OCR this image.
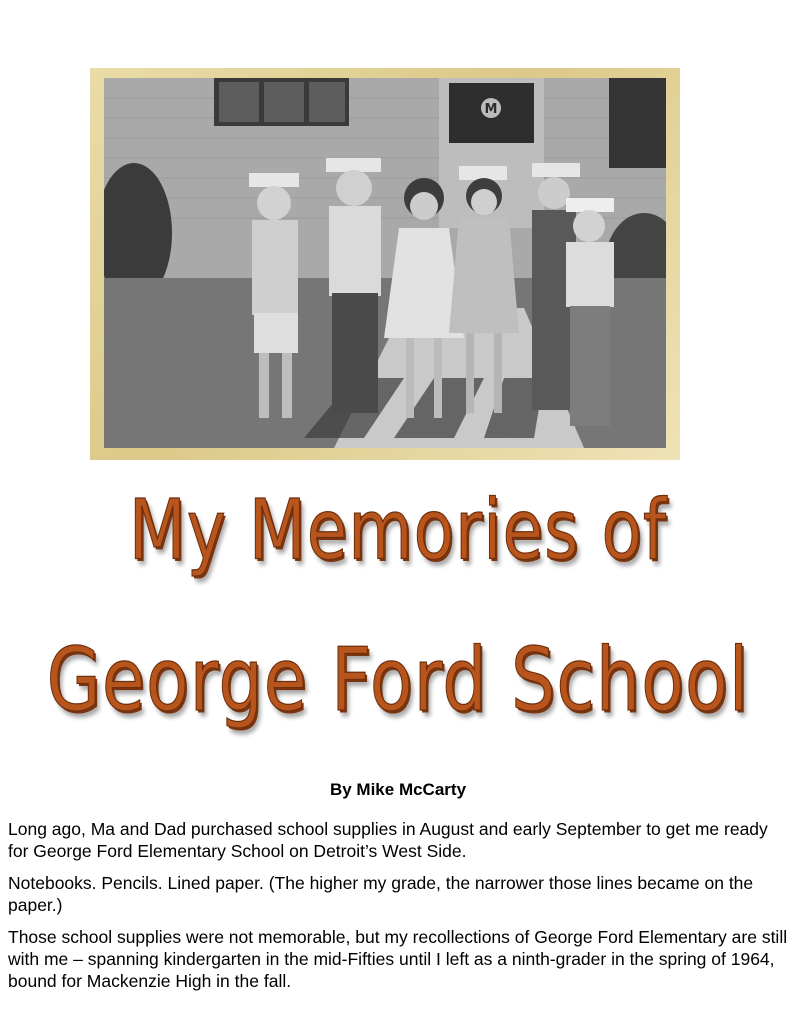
M
My Memories of
George Ford School

By Mike McCarty

Long ago, Ma and Dad purchased school supplies in August and early September to get me ready for George Ford Elementary School on Detroit’s West Side.

Notebooks. Pencils. Lined paper. (The higher my grade, the narrower those lines became on the paper.)

Those school supplies were not memorable, but my recollections of George Ford Elementary are still with me – spanning kindergarten in the mid-Fifties until I left as a ninth-grader in the spring of 1964, bound for Mackenzie High in the fall.
